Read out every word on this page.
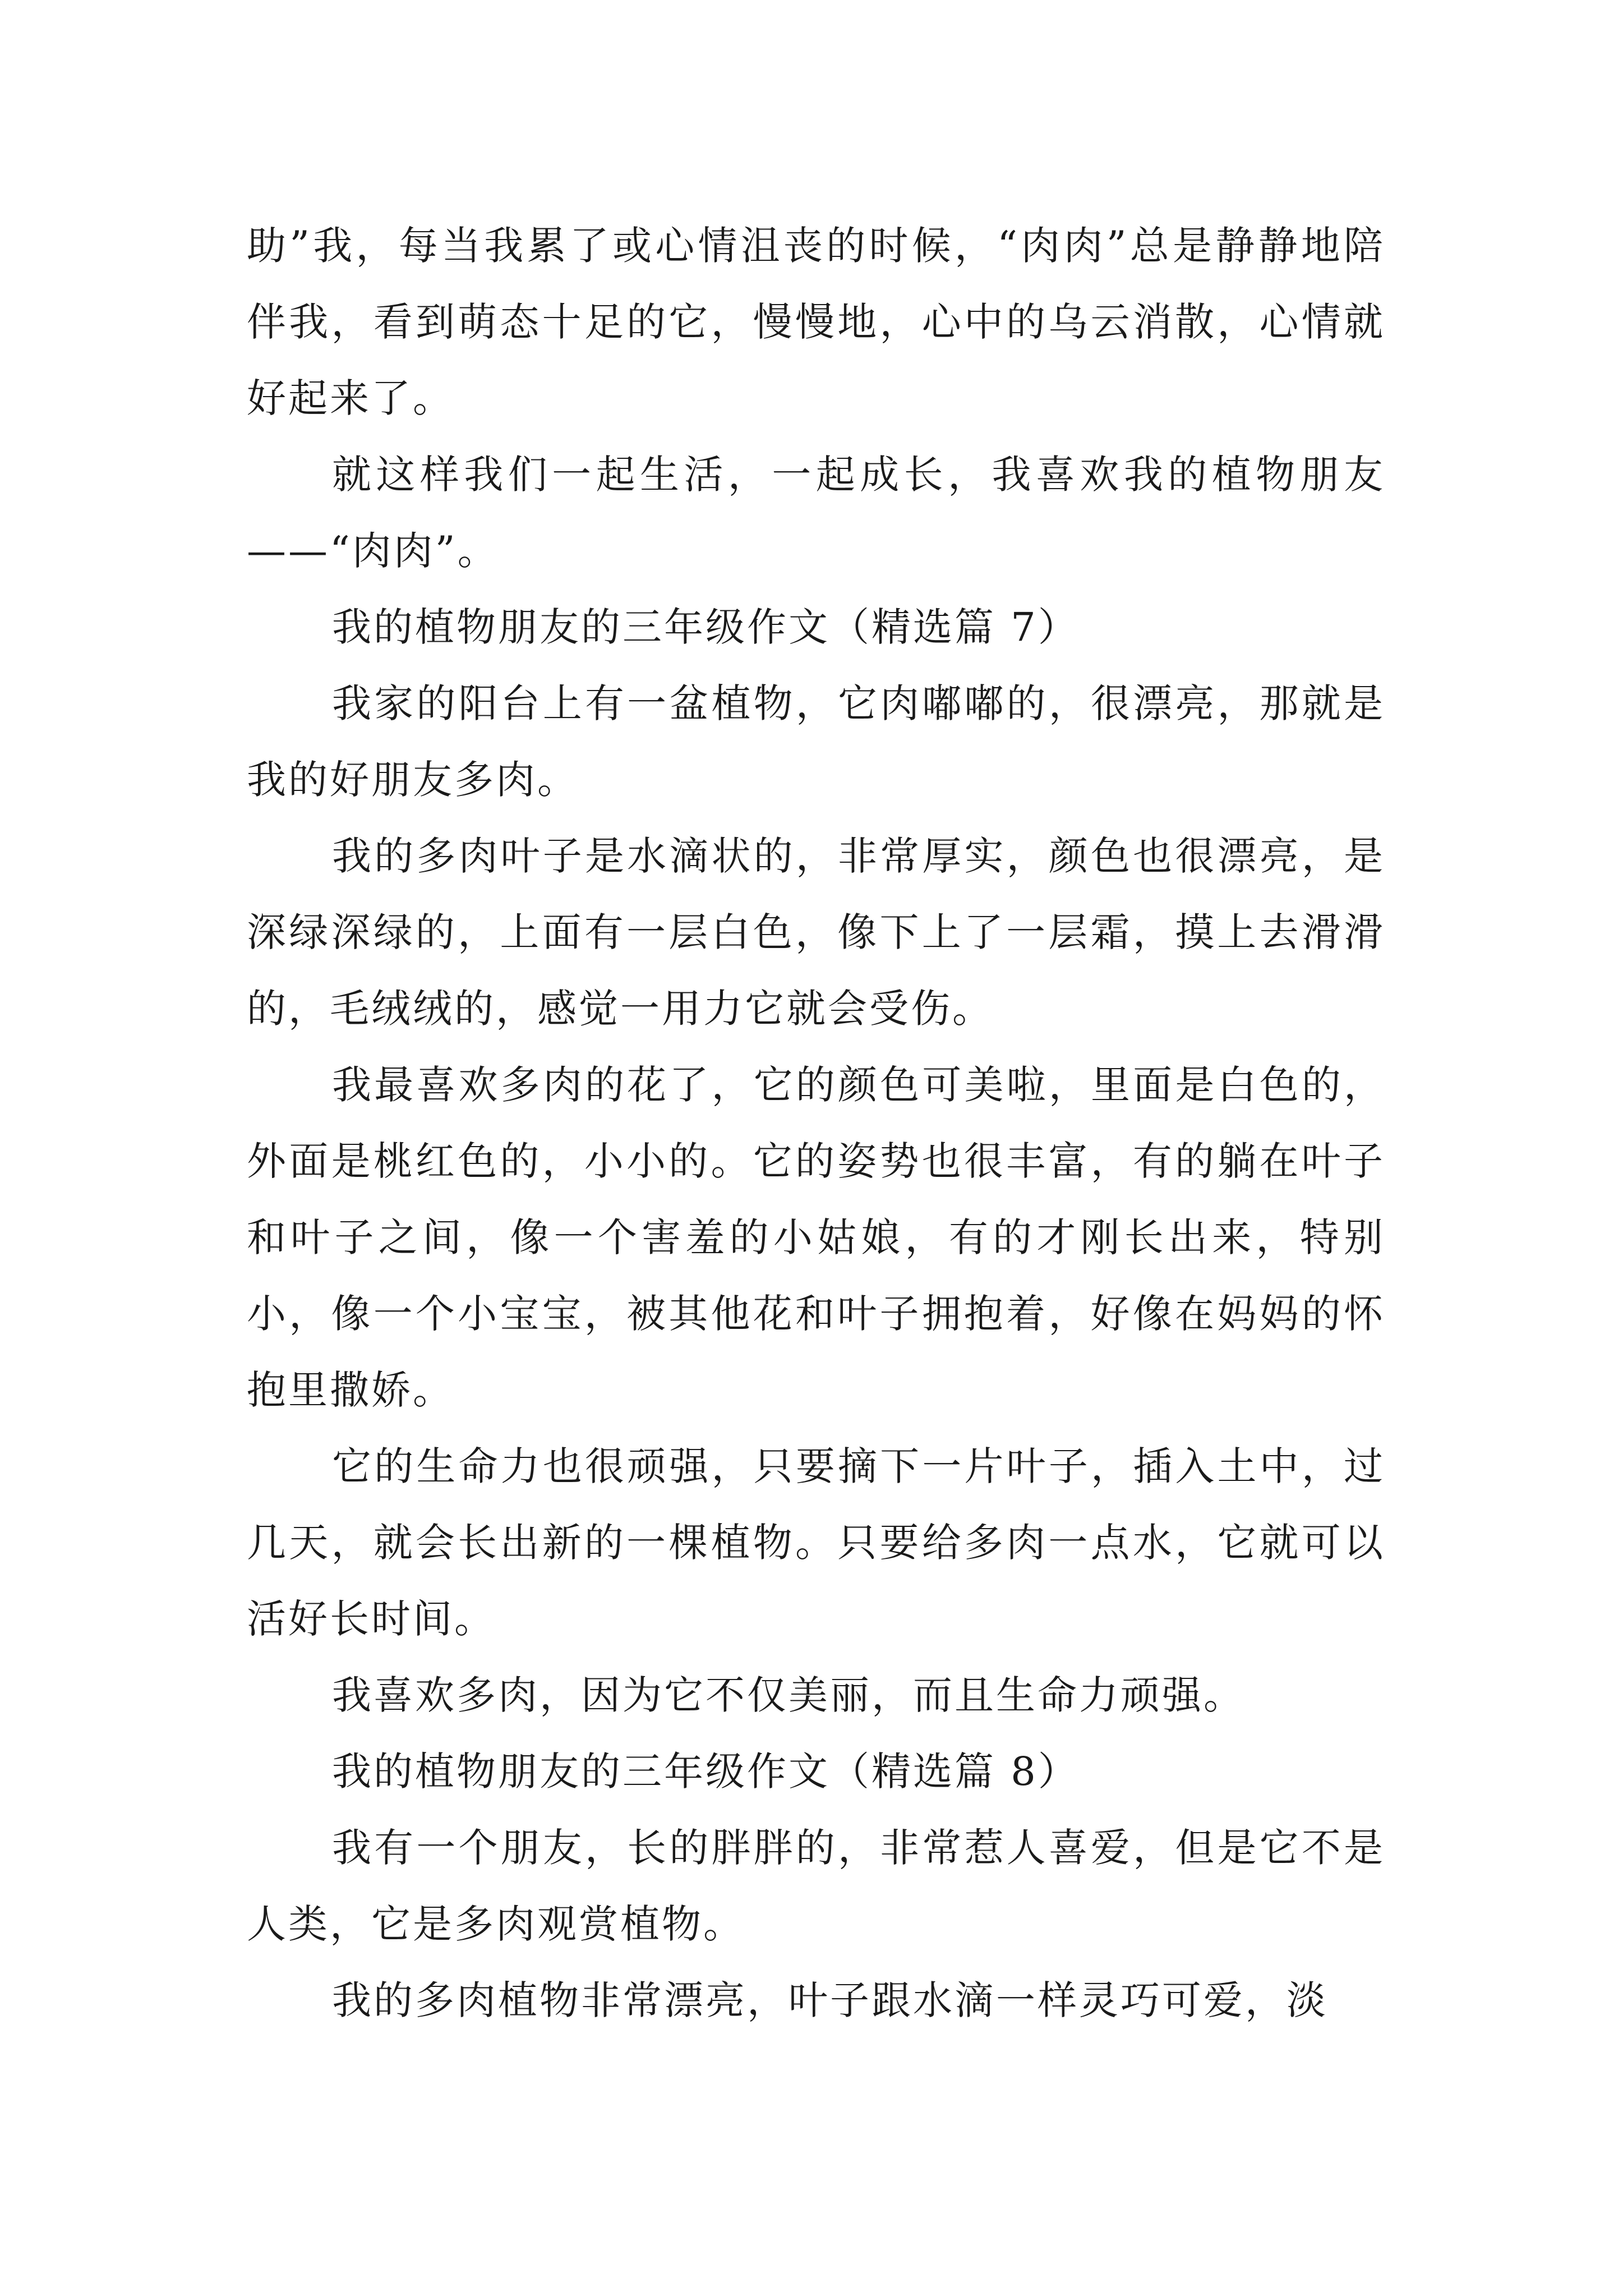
助”我，每当我累了或心情沮丧的时候，“肉肉”总是静静地陪伴我，看到萌态十足的它，慢慢地，心中的乌云消散，心情就好起来了。

就这样我们一起生活，一起成长，我喜欢我的植物朋友——“肉肉”。

我的植物朋友的三年级作文（精选篇 7）

我家的阳台上有一盆植物，它肉嘟嘟的，很漂亮，那就是我的好朋友多肉。

我的多肉叶子是水滴状的，非常厚实，颜色也很漂亮，是深绿深绿的，上面有一层白色，像下上了一层霜，摸上去滑滑的，毛绒绒的，感觉一用力它就会受伤。

我最喜欢多肉的花了，它的颜色可美啦，里面是白色的，外面是桃红色的，小小的。它的姿势也很丰富，有的躺在叶子和叶子之间，像一个害羞的小姑娘，有的才刚长出来，特别小，像一个小宝宝，被其他花和叶子拥抱着，好像在妈妈的怀抱里撒娇。

它的生命力也很顽强，只要摘下一片叶子，插入土中，过几天，就会长出新的一棵植物。只要给多肉一点水，它就可以活好长时间。

我喜欢多肉，因为它不仅美丽，而且生命力顽强。

我的植物朋友的三年级作文（精选篇 8）

我有一个朋友，长的胖胖的，非常惹人喜爱，但是它不是人类，它是多肉观赏植物。

我的多肉植物非常漂亮，叶子跟水滴一样灵巧可爱，淡
